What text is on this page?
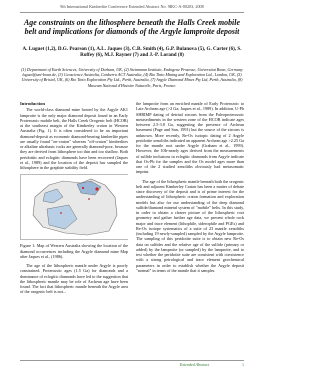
9th International Kimberlite Conference Extended Abstract No. 9IKC-A-00203, 2008
Age constraints on the lithosphere beneath the Halls Creek mobile belt and implications for diamonds of the Argyle lamproite deposit
A. Luguet (1,2), D.G. Pearson (1), A.L. Jaques (3), C.B. Smith (4), G.P. Bulanova (5), G. Carter (6), S. Roffey (6), M.J. Rayner (7) and J.-P. Lorand (8)
(1) Department of Earth Sciences, University of Durham, UK, (2) Steinmann Institute, Endogene Prozesse, Universitat Bonn, Germany luguet@uni-bonn.de, (3) Geoscience Australia, Canberra ACT Australia, (4) Bio Tinto Mining and Exploration Ltd., London, UK, (5) University of Bristol, UK, (6) Rio Tinto Exploration Pty Ltd., Perth, Australia, (7) Argyle Diamond Mines Pty Ltd, Perth, Australia, (8) Museum National d'Histoire Naturelle, Paris, France.
Introduction

The world-class diamond mine hosted by the Argyle AK1 lamproite is the only major diamond deposit found in an Early Proterozoic mobile belt, the Halls Creek Orogenic belt (HCOB) at the southeast margin of the Kimberley craton in Western Australia (Fig. 1). It is often considered to be an important diamond-deposit as economic diamond-bearing kimberlite pipes are usually found "on-craton" whereas "off-craton" kimberlites or alkaline ultrabasic rocks are generally diamond-poor, because they are derived from lithosphere too thin and too shallow. Both peridotitic and eclogitic diamonds have been recovered (Jaques et al., 1989) and the location of the deposit has sampled the lithosphere in the graphite stability field.

Figure 1: Map of Western Australia showing the location of the diamond occurrences including the Argyle diamond mine Map after Jaques et al., (1986).

The age of the lithospheric mantle under Argyle is poorly constrained. Proterozoic ages (1.5 Ga) for diamonds and a dominance of eclogitic diamonds have led to the suggestion that the lithospheric mantle may be role of Archean age have been found. The fact that lithospheric mantle beneath the Argyle area of the orogenic belt is not...

the lamproite from an enriched mantle of Early Proterozoic to Late Archean age (>2 Ga; Jaques et al., 1989). In addition, U-Pb SHRIMP dating of detrital zircons from the Paleoproterozoic metasediments in the western zone of the HCOB indicate ages between 2.5-3.8 Ga, suggesting the presence of Archean basement (Page and Sun, 1991) but the source of the zircons is unknown. More recently, Re-Os isotopic dating of 2 Argyle peridotite xenoliths indicated an apparent Archean age >2.25 Ga for the mantle root under Argyle (Graham et al., 1999). However, the 10Ir-nearly ages derived from the measurements of sulfide inclusions in eclogitic diamonds from Argyle indicate that Os-Pb for the samples and the Os model ages more than one of the 2 studied xenoliths obviously had metasomatic imprint.

The age of the lithospheric mantle beneath both the orogenic belt and adjacent Kimberley Craton has been a matter of debate since discovery of the deposit and is of prime interest for the understanding of lithospheric craton formation and exploration models but also for our understanding of the deep diamond sulfide/diamond mineral system of "mobile" belts. In this study, in order to obtain a clearer picture of the lithospheric root geometry and gather further age data, we present whole rock major and trace element (lithophile, siderophile and PGEs) and Re-Os isotope systematics of a suite of 23 mantle xenoliths (including 19 newly-sampled) sampled by the Argyle lamproite. The sampling of this peridotite suite is to obtain new Re-Os data on sulfides and the relative age of the sulfide (primary or added) by the lamproite (or sampled) by the lamproite, and to test whether the peridotite suite are consistent with coexistence with a strong petrological and trace element geochemical parameters in order to establish whether the Argyle deposit "normal" in terms of the mantle that it samples.

Extended Abstract	1
